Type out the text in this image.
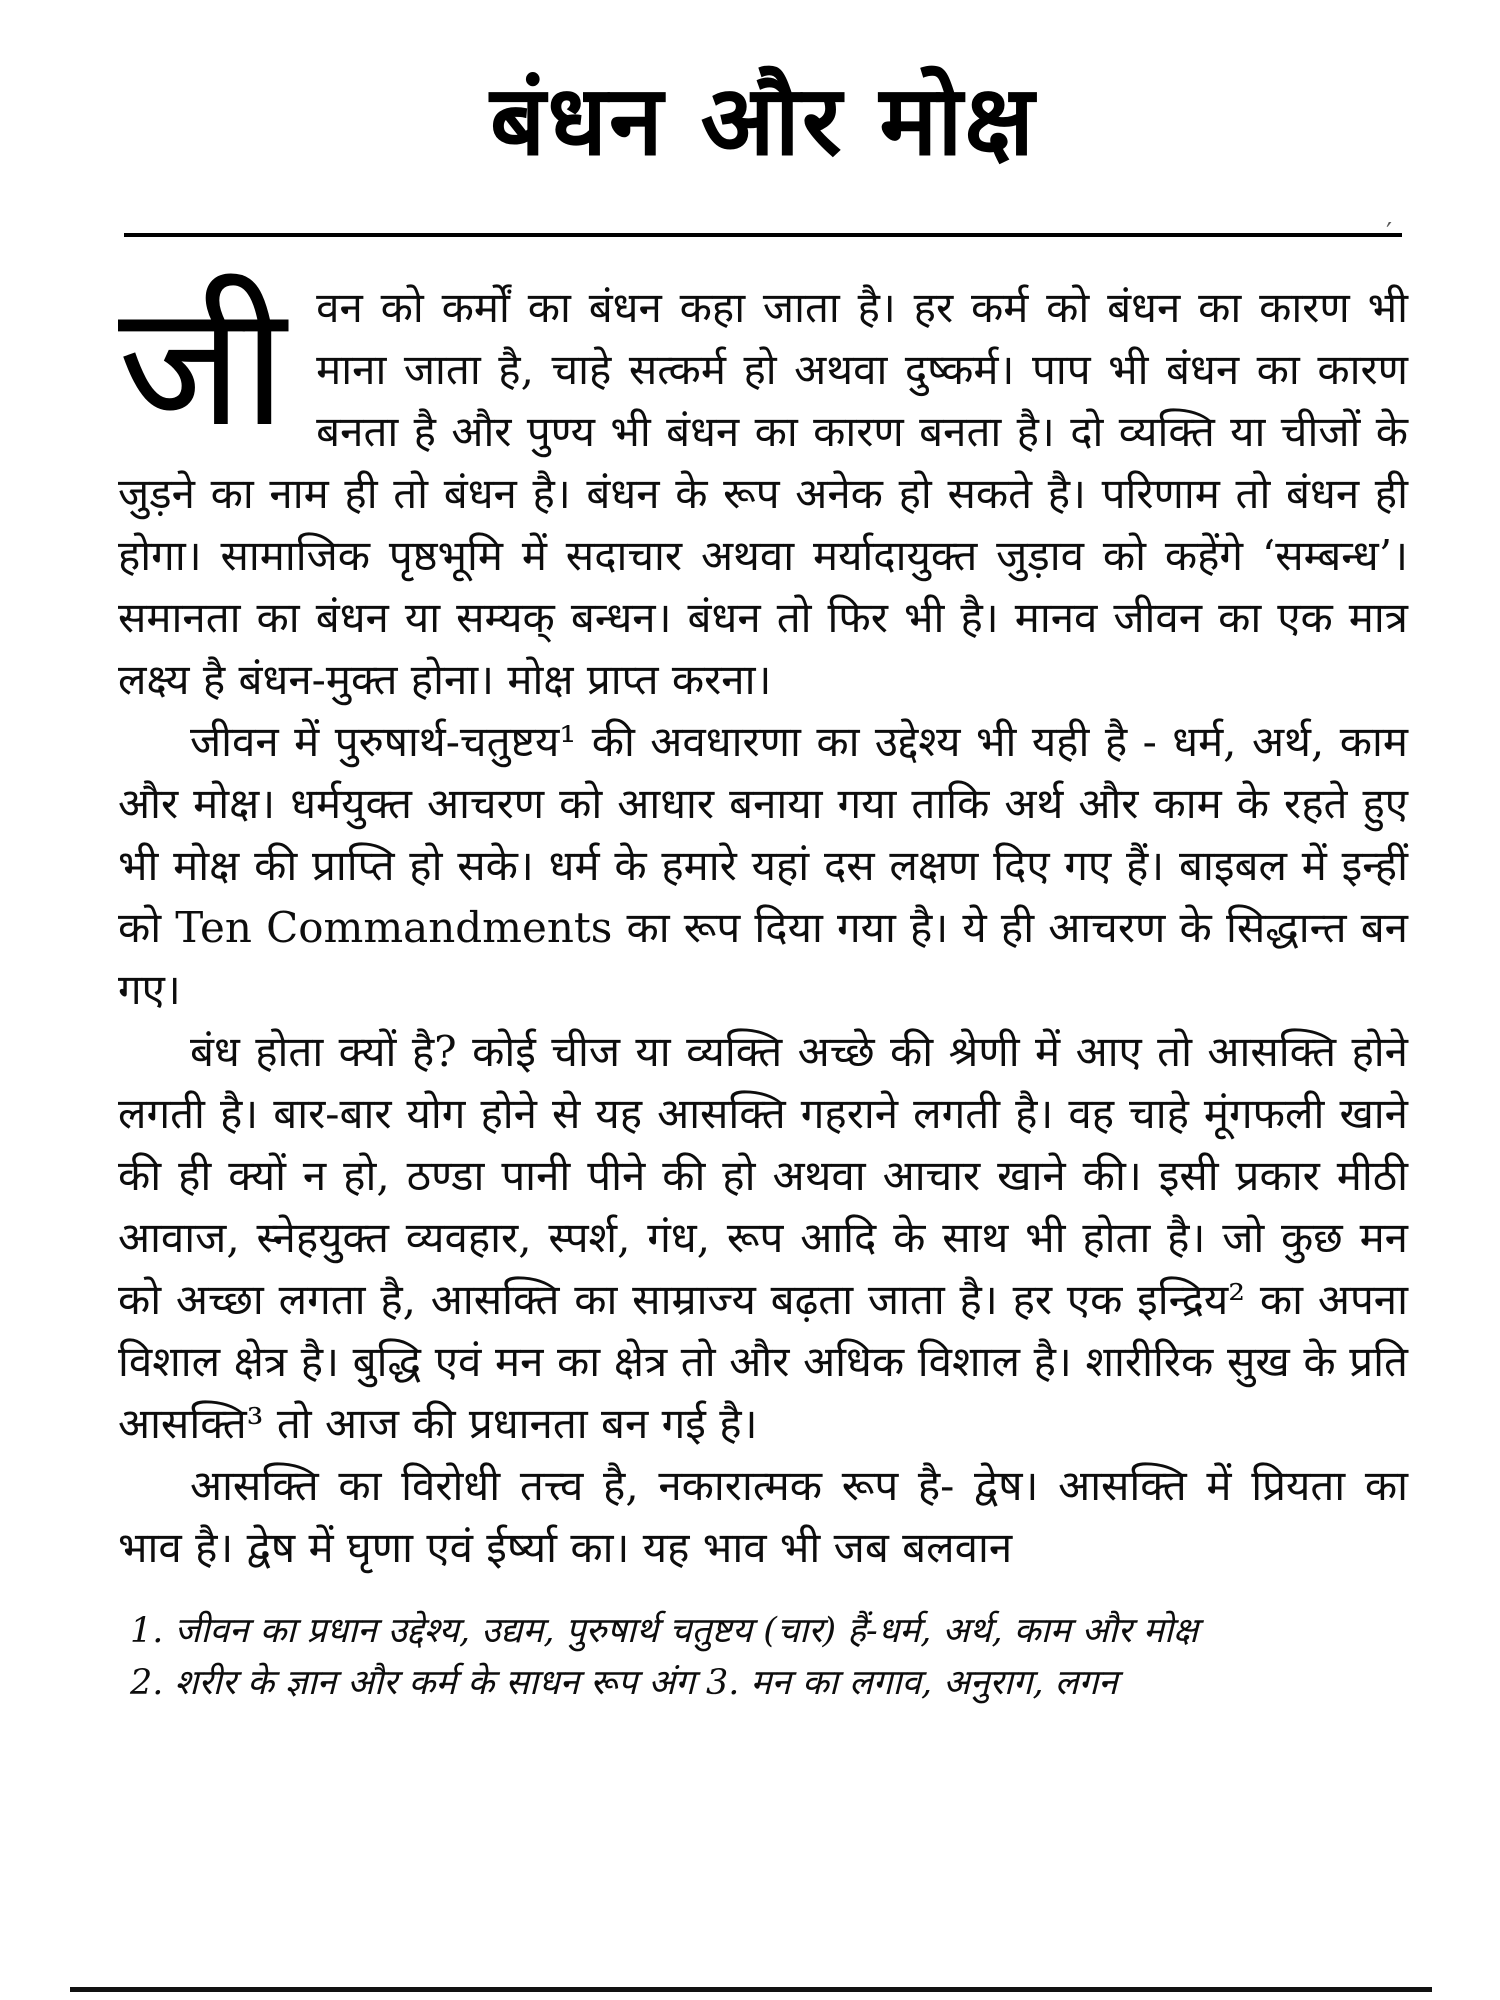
बंधन और मोक्ष
′

जी वन को कर्मों का बंधन कहा जाता है। हर कर्म को बंधन का कारण भी माना जाता है, चाहे सत्कर्म हो अथवा दुष्कर्म। पाप भी बंधन का कारण बनता है और पुण्य भी बंधन का कारण बनता है। दो व्यक्ति या चीजों के जुड़ने का नाम ही तो बंधन है। बंधन के रूप अनेक हो सकते है। परिणाम तो बंधन ही होगा। सामाजिक पृष्ठभूमि में सदाचार अथवा मर्यादायुक्त जुड़ाव को कहेंगे ‘सम्बन्ध’। समानता का बंधन या सम्यक् बन्धन। बंधन तो फिर भी है। मानव जीवन का एक मात्र लक्ष्य है बंधन-मुक्त होना। मोक्ष प्राप्त करना।

जीवन में पुरुषार्थ-चतुष्टय¹ की अवधारणा का उद्देश्य भी यही है - धर्म, अर्थ, काम और मोक्ष। धर्मयुक्त आचरण को आधार बनाया गया ताकि अर्थ और काम के रहते हुए भी मोक्ष की प्राप्ति हो सके। धर्म के हमारे यहां दस लक्षण दिए गए हैं। बाइबल में इन्हीं को Ten Commandments का रूप दिया गया है। ये ही आचरण के सिद्धान्त बन गए।

बंध होता क्यों है? कोई चीज या व्यक्ति अच्छे की श्रेणी में आए तो आसक्ति होने लगती है। बार-बार योग होने से यह आसक्ति गहराने लगती है। वह चाहे मूंगफली खाने की ही क्यों न हो, ठण्डा पानी पीने की हो अथवा आचार खाने की। इसी प्रकार मीठी आवाज, स्नेहयुक्त व्यवहार, स्पर्श, गंध, रूप आदि के साथ भी होता है। जो कुछ मन को अच्छा लगता है, आसक्ति का साम्राज्य बढ़ता जाता है। हर एक इन्द्रिय² का अपना विशाल क्षेत्र है। बुद्धि एवं मन का क्षेत्र तो और अधिक विशाल है। शारीरिक सुख के प्रति आसक्ति³ तो आज की प्रधानता बन गई है।

आसक्ति का विरोधी तत्त्व है, नकारात्मक रूप है- द्वेष। आसक्ति में प्रियता का भाव है। द्वेष में घृणा एवं ईर्ष्या का। यह भाव भी जब बलवान

1. जीवन का प्रधान उद्देश्य, उद्यम, पुरुषार्थ चतुष्टय (चार) हैं-धर्म, अर्थ, काम और मोक्ष

2. शरीर के ज्ञान और कर्म के साधन रूप अंग 3. मन का लगाव, अनुराग, लगन
